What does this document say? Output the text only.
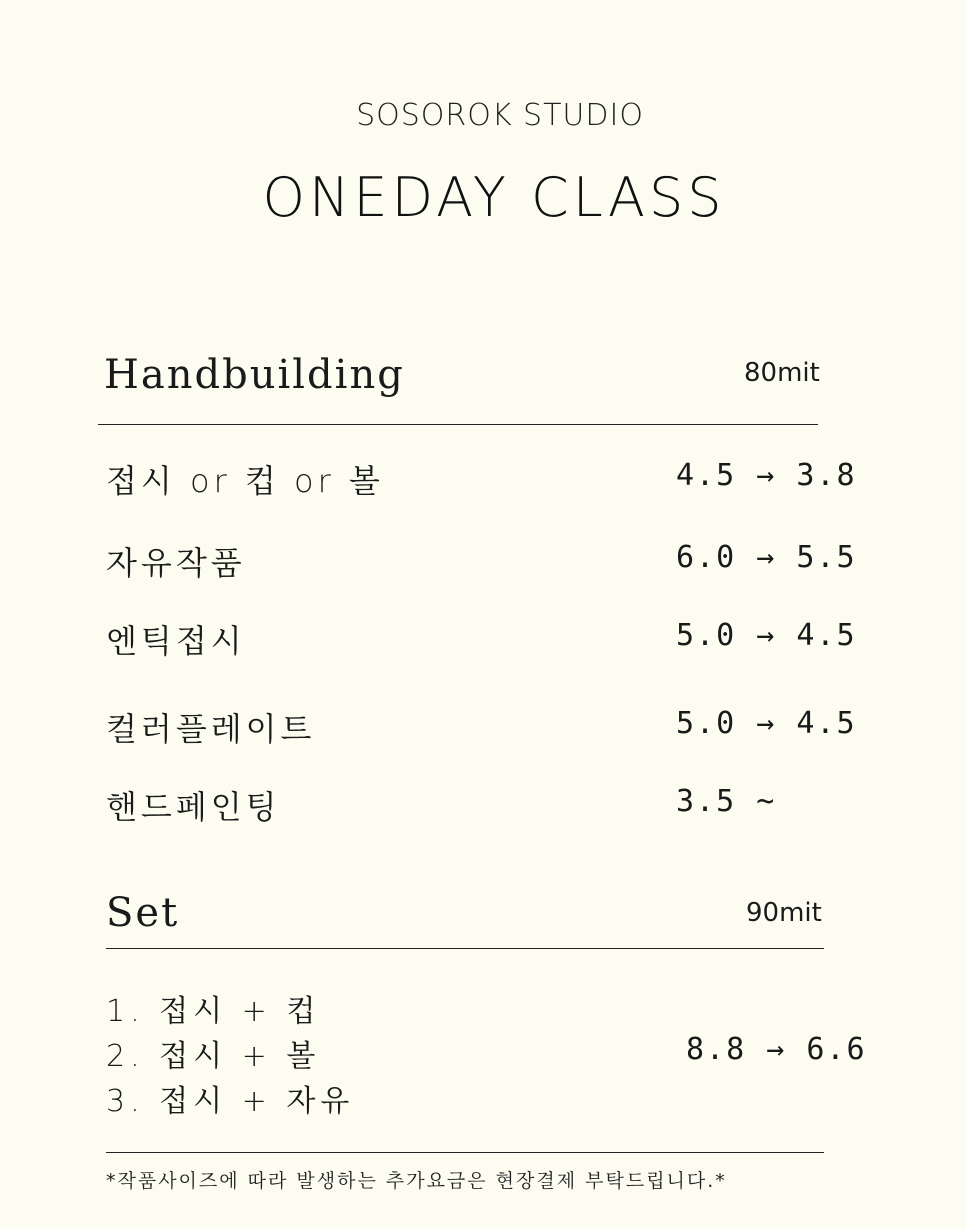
SOSOROK STUDIO
ONEDAY CLASS
Handbuilding	80mit
접시 or 컵 or 볼	4.5 → 3.8
자유작품	6.0 → 5.5
엔틱접시	5.0 → 4.5
컬러플레이트	5.0 → 4.5
핸드페인팅	3.5 ~
Set	90mit
1. 접시 + 컵
2. 접시 + 볼
3. 접시 + 자유
8.8 → 6.6
*작품사이즈에 따라 발생하는 추가요금은 현장결제 부탁드립니다.*
